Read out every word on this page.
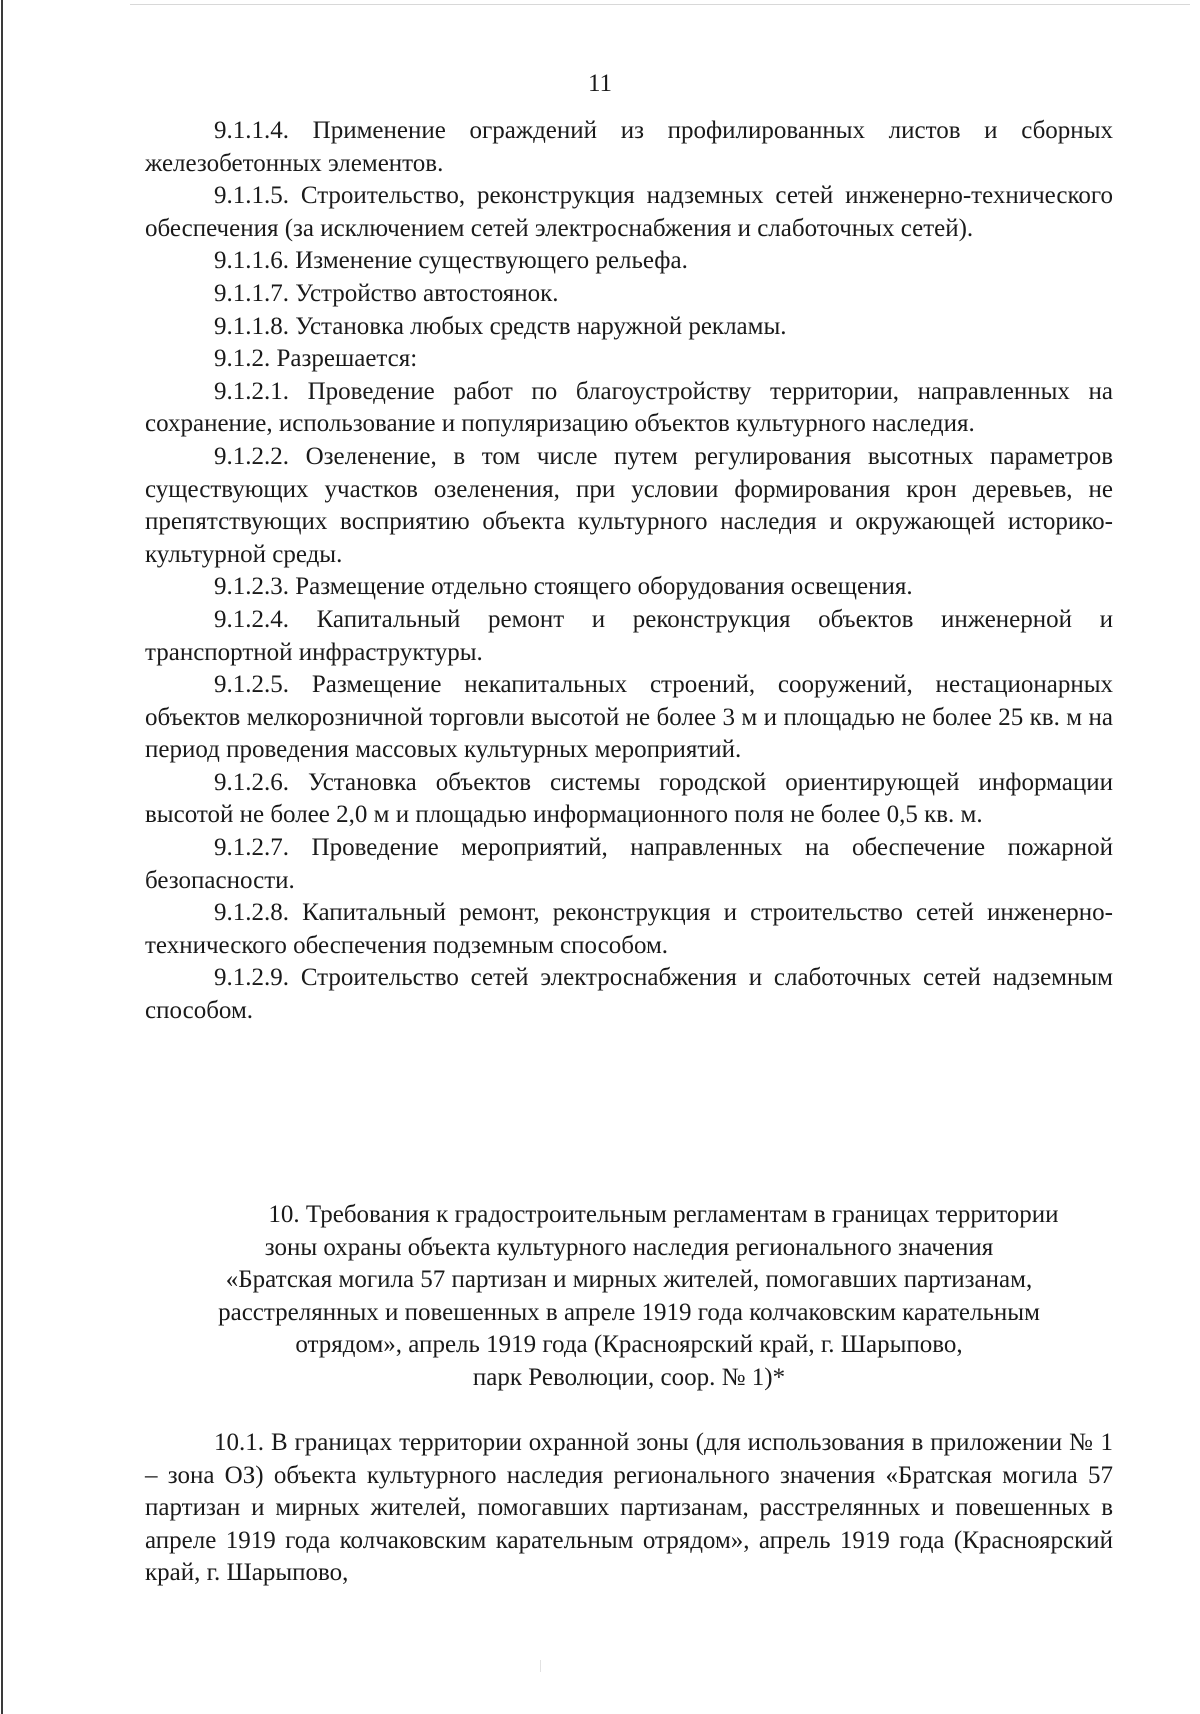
11

9.1.1.4. Применение ограждений из профилированных листов и сборных железобетонных элементов.

9.1.1.5. Строительство, реконструкция надземных сетей инженерно-технического обеспечения (за исключением сетей электроснабжения и слаботочных сетей).

9.1.1.6. Изменение существующего рельефа.

9.1.1.7. Устройство автостоянок.

9.1.1.8. Установка любых средств наружной рекламы.

9.1.2. Разрешается:

9.1.2.1. Проведение работ по благоустройству территории, направленных на сохранение, использование и популяризацию объектов культурного наследия.

9.1.2.2. Озеленение, в том числе путем регулирования высотных параметров существующих участков озеленения, при условии формирования крон деревьев, не препятствующих восприятию объекта культурного наследия и окружающей историко-культурной среды.

9.1.2.3. Размещение отдельно стоящего оборудования освещения.

9.1.2.4. Капитальный ремонт и реконструкция объектов инженерной и транспортной инфраструктуры.

9.1.2.5. Размещение некапитальных строений, сооружений, нестационарных объектов мелкорозничной торговли высотой не более 3 м и площадью не более 25 кв. м на период проведения массовых культурных мероприятий.

9.1.2.6. Установка объектов системы городской ориентирующей информации высотой не более 2,0 м и площадью информационного поля не более 0,5 кв. м.

9.1.2.7. Проведение мероприятий, направленных на обеспечение пожарной безопасности.

9.1.2.8. Капитальный ремонт, реконструкция и строительство сетей инженерно-технического обеспечения подземным способом.

9.1.2.9. Строительство сетей электроснабжения и слаботочных сетей надземным способом.

10. Требования к градостроительным регламентам в границах территории
зоны охраны объекта культурного наследия регионального значения
«Братская могила 57 партизан и мирных жителей, помогавших партизанам,
расстрелянных и повешенных в апреле 1919 года колчаковским карательным
отрядом», апрель 1919 года (Красноярский край, г. Шарыпово,
парк Революции, соор. № 1)*

10.1. В границах территории охранной зоны (для использования в приложении № 1 – зона ОЗ) объекта культурного наследия регионального значения «Братская могила 57 партизан и мирных жителей, помогавших партизанам, расстрелянных и повешенных в апреле 1919 года колчаковским карательным отрядом», апрель 1919 года (Красноярский край, г. Шарыпово,
